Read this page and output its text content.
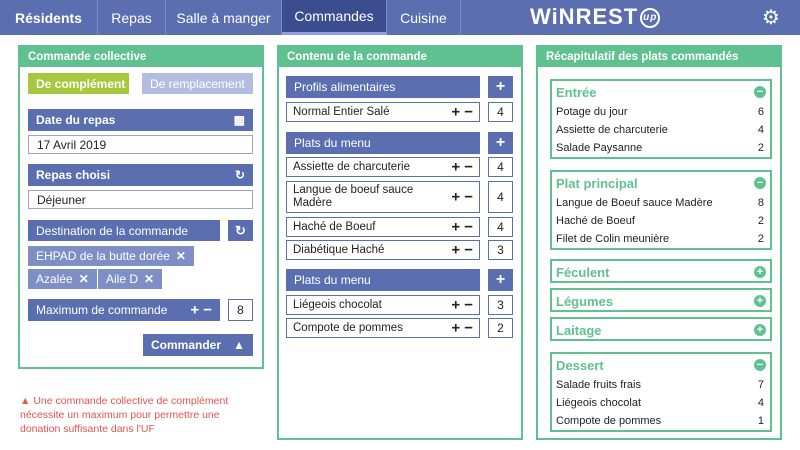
Résidents	Repas	Salle à manger	Commandes	Cuisine	WiNREST up	⚙
Commande collective
De complément	De remplacement
Date du repas	▦
17 Avril 2019
Repas choisi	↻
Déjeuner
Destination de la commande	↻
EHPAD de la butte dorée ✕
Azalée ✕ Aile D ✕
Maximum de commande + −	8
Commander ▲
▲ Une commande collective de complément nécessite un maximum pour permettre une donation suffisante dans l'UF
Contenu de la commande
Profils alimentaires	+
Normal Entier Salé	+ −	4
Plats du menu	+
Assiette de charcuterie	+ −	4
Langue de boeuf sauce Madère	+ −	4
Haché de Boeuf	+ −	4
Diabétique Haché	+ −	3
Plats du menu	+
Liégeois chocolat	+ −	3
Compote de pommes	+ −	2
Récapitulatif des plats commandés
Entrée	−
Potage du jour	6
Assiette de charcuterie	4
Salade Paysanne	2
Plat principal	−
Langue de Boeuf sauce Madère	8
Haché de Boeuf	2
Filet de Colin meunière	2
Féculent	+
Légumes	+
Laitage	+
Dessert	−
Salade fruits frais	7
Liégeois chocolat	4
Compote de pommes	1
